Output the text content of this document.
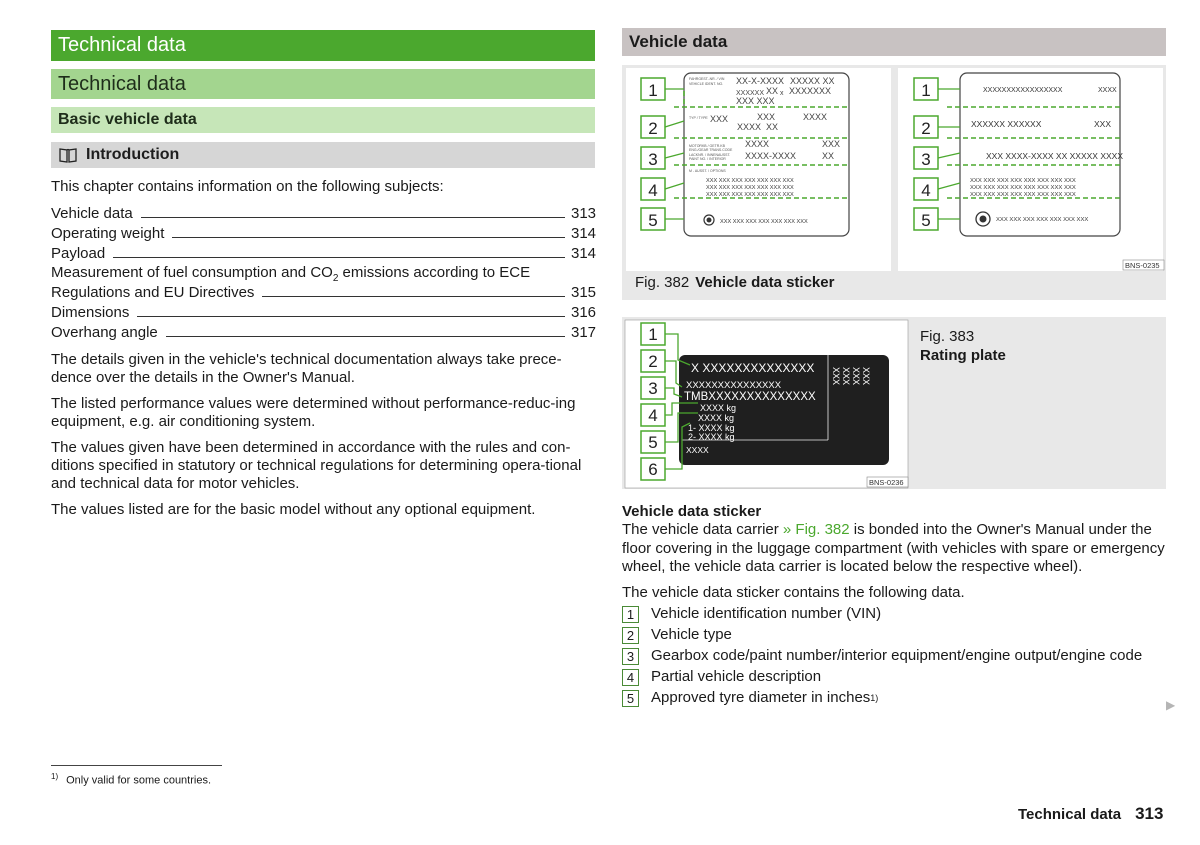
Technical data
Technical data
Basic vehicle data
Introduction
This chapter contains information on the following subjects:
Vehicle data	313
Operating weight	314
Payload	314
Measurement of fuel consumption and $CO_2$ emissions according to ECE
Regulations and EU Directives	315
Dimensions	316
Overhang angle	317
The details given in the vehicle's technical documentation always take prece-dence over the details in the Owner's Manual.
The listed performance values were determined without performance-reduc-ing equipment, e.g. air conditioning system.
The values given have been determined in accordance with the rules and con-ditions specified in statutory or technical regulations for determining opera-tional and technical data for motor vehicles.
The values listed are for the basic model without any optional equipment.
Vehicle data
1
2
3
4
5
FAHRGEST.-NR. / VIN
VEHICLE IDENT. NO.
TYP / TYPE
MOTORKB / GETR.KB
ENG./GEAR TRANS.CODE
LACKNR. / INNENAUSST.
PAINT NO. / INTERIOR
M - AUSST. / OPTIONS
XX-X-XXXX XXXXX XX
XXXXXX XX x XXXXXXX
XXX XXX
XXX	XXX	XXXX
XXXX XX
XXXX	XXX
XXXX-XXXX	XX
XXX XXX XXX XXX XXX XXX XXX
XXX XXX XXX XXX XXX XXX XXX
XXX XXX XXX XXX XXX XXX XXX
XXX XXX XXX XXX XXX XXX XXX
1
2
3
4
5
XXXXXXXXXXXXXXXXX	XXXX
XXXXXX XXXXXX	XXX
XXX XXXX-XXXX XX XXXXX XXXX
XXX XXX XXX XXX XXX XXX XXX XXX
XXX XXX XXX XXX XXX XXX XXX XXX
XXX XXX XXX XXX XXX XXX XXX XXX
XXX XXX XXX XXX XXX XXX XXX
BNS-0235
Fig. 382 Vehicle data sticker
1
2
3
4
5
6
X XXXXXXXXXXXXXX
XXXXXXXXXXXXXXX
TMBXXXXXXXXXXXXXX
XXXX kg
XXXX kg
1- XXXX kg
2- XXXX kg
XXXX
XXX XXX XXX XXX
BNS-0236
Fig. 383
Rating plate
Vehicle data sticker
The vehicle data carrier » Fig. 382 is bonded into the Owner's Manual under the floor covering in the luggage compartment (with vehicles with spare or emergency wheel, the vehicle data carrier is located below the respective wheel).
The vehicle data sticker contains the following data.
1	Vehicle identification number (VIN)
2	Vehicle type
3	Gearbox code/paint number/interior equipment/engine output/engine code
4	Partial vehicle description
5	Approved tyre diameter in inches 1)
▶
$^{1)}$ Only valid for some countries.
Technical data 313
